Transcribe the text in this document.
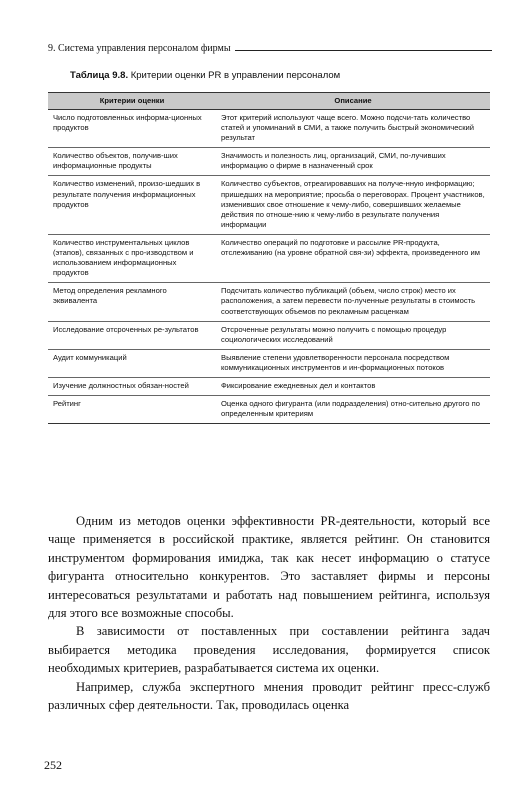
9. Система управления персоналом фирмы
Таблица 9.8. Критерии оценки PR в управлении персоналом
Критерии оценки	Описание
Число подготовленных информа-ционных продуктов	Этот критерий используют чаще всего. Можно подсчи-тать количество статей и упоминаний в СМИ, а также получить быстрый экономический результат
Количество объектов, получив-ших информационные продукты	Значимость и полезность лиц, организаций, СМИ, по-лучивших информацию о фирме в назначенный срок
Количество изменений, произо-шедших в результате получения информационных продуктов	Количество субъектов, отреагировавших на получе-нную информацию; пришедших на мероприятие; просьба о переговорах. Процент участников, изменивших свое отношение к чему-либо, совершивших желаемые действия по отноше-нию к чему-либо в результате получения информации
Количество инструментальных циклов (этапов), связанных с про-изводством и использованием информационных продуктов	Количество операций по подготовке и рассылке PR-продукта, отслеживанию (на уровне обратной свя-зи) эффекта, произведенного им
Метод определения рекламного эквивалента	Подсчитать количество публикаций (объем, число строк) место их расположения, а затем перевести по-лученные результаты в стоимость соответствующих объемов по рекламным расценкам
Исследование отсроченных ре-зультатов	Отсроченные результаты можно получить с помощью процедур социологических исследований
Аудит коммуникаций	Выявление степени удовлетворенности персонала посредством коммуникационных инструментов и ин-формационных потоков
Изучение должностных обязан-ностей	Фиксирование ежедневных дел и контактов
Рейтинг	Оценка одного фигуранта (или подразделения) отно-сительно другого по определенным критериям

Одним из методов оценки эффективности PR-деятельности, который все чаще применяется в российской практике, является рейтинг. Он становится инструментом формирования имиджа, так как несет информацию о статусе фигуранта относительно конкурентов. Это заставляет фирмы и персоны интересоваться результатами и работать над повышением рейтинга, используя для этого все возможные способы.

В зависимости от поставленных при составлении рейтинга задач выбирается методика проведения исследования, формируется список необходимых критериев, разрабатывается система их оценки.

Например, служба экспертного мнения проводит рейтинг пресс-служб различных сфер деятельности. Так, проводилась оценка

252
